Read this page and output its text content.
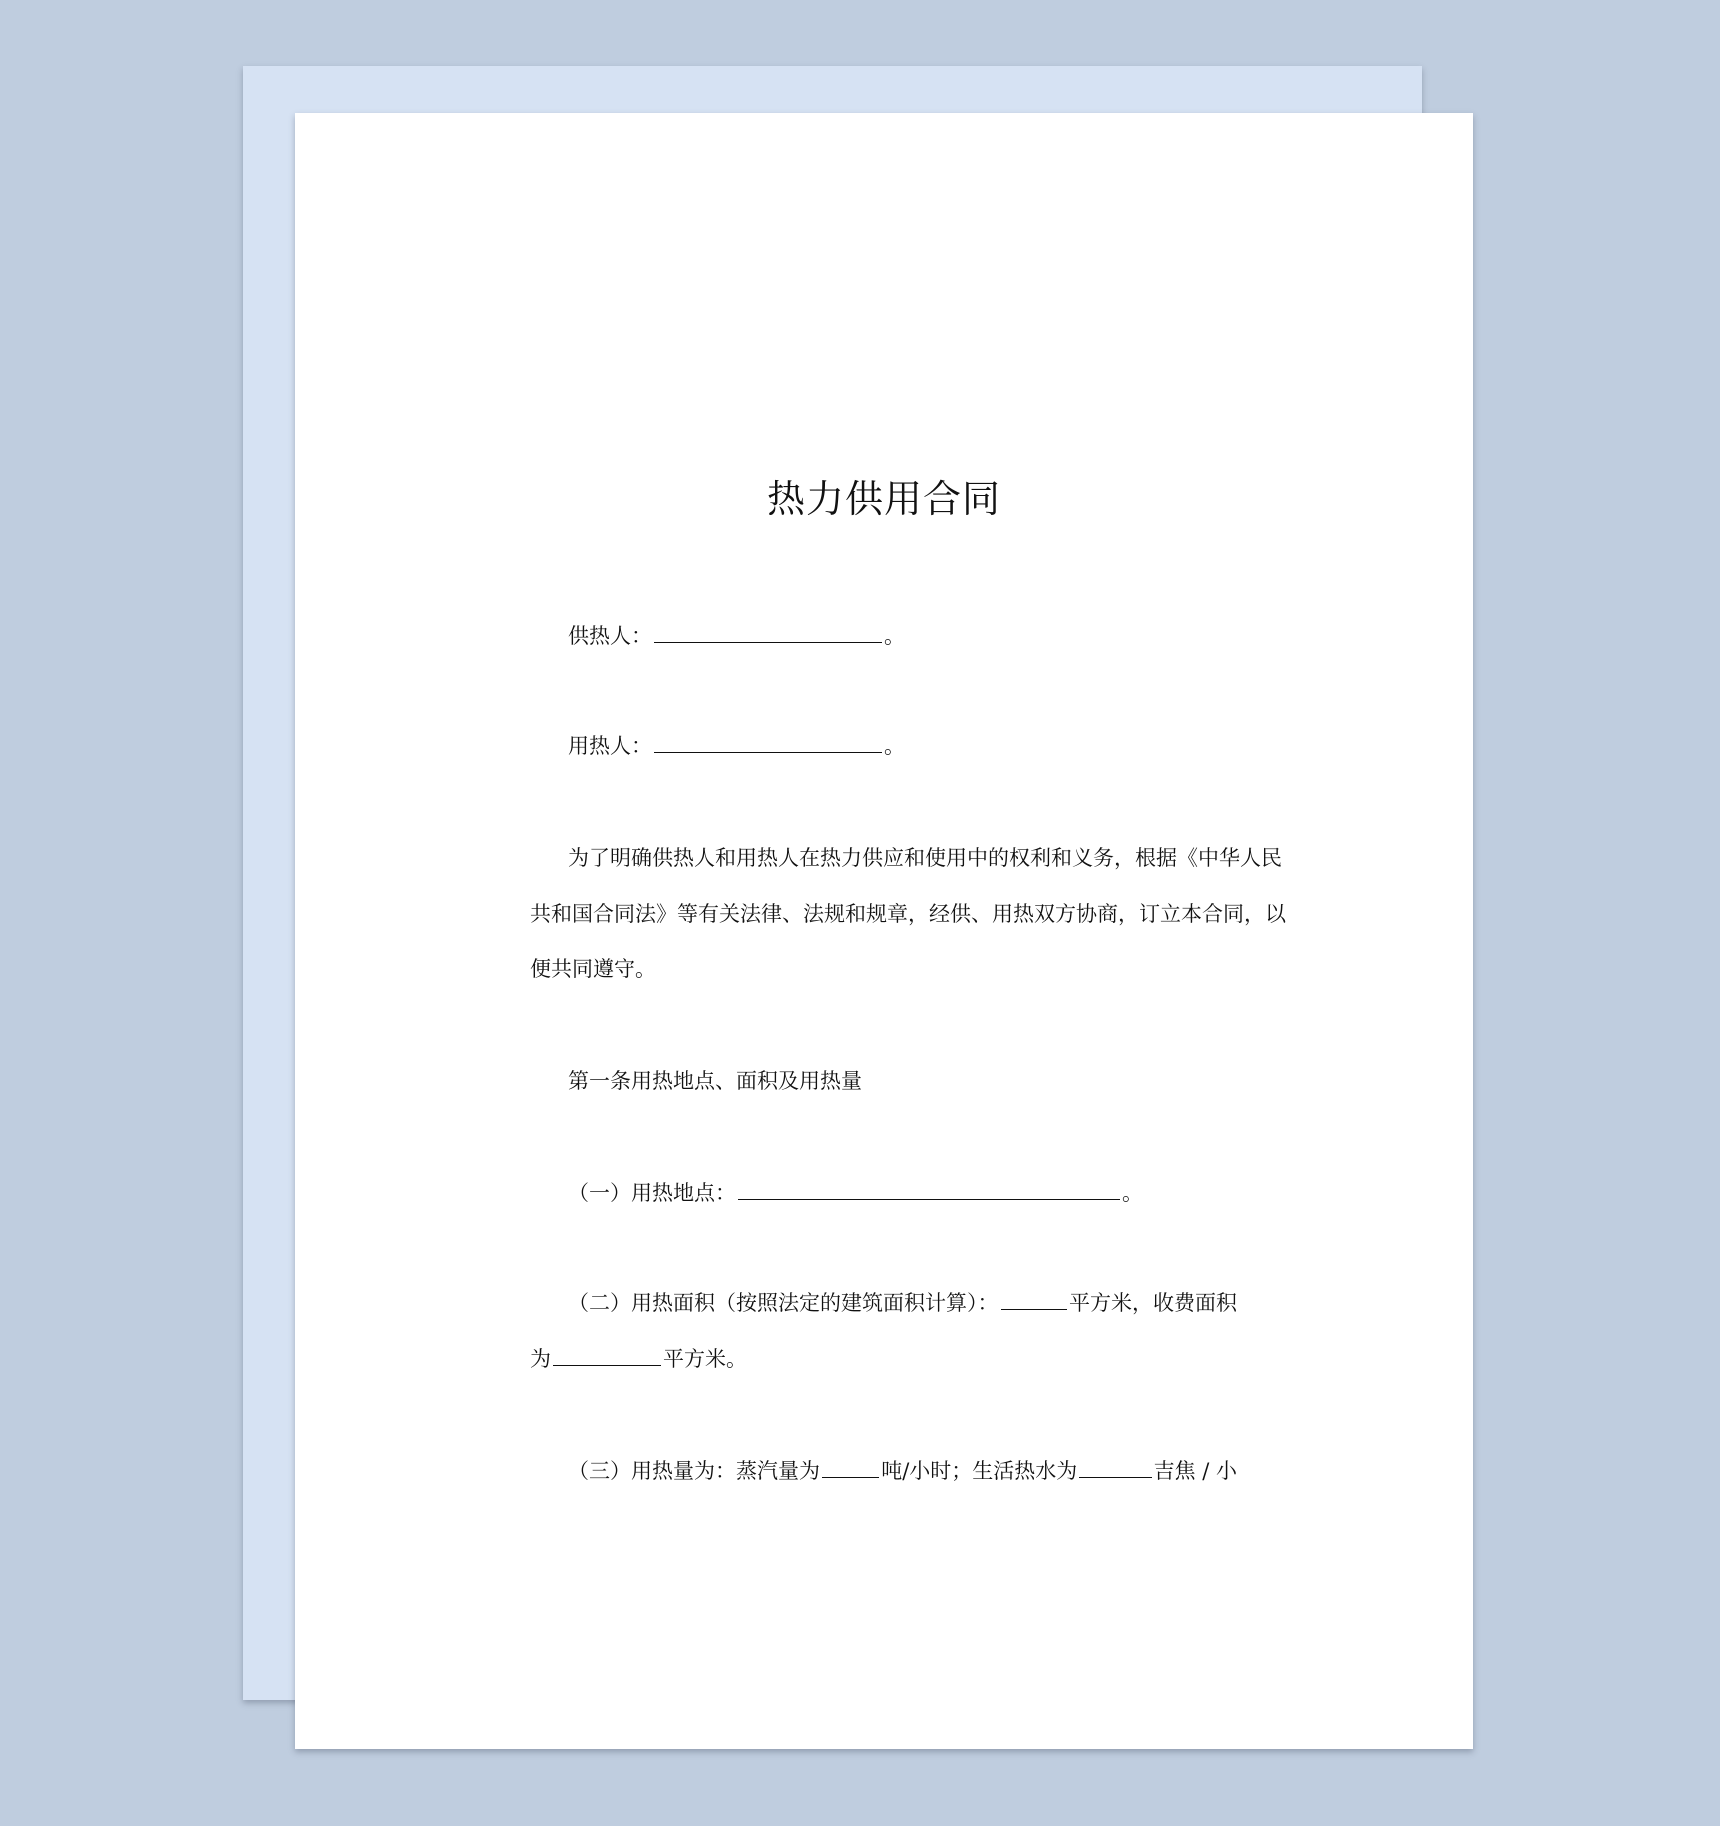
热力供用合同
供热人：	。
用热人：	。
为了明确供热人和用热人在热力供应和使用中的权利和义务，根据《中华人民
共和国合同法》等有关法律、法规和规章，经供、用热双方协商，订立本合同，以
便共同遵守。
第一条用热地点、面积及用热量
（一）用热地点：	。
（二）用热面积（按照法定的建筑面积计算）：	平方米，收费面积
为	平方米。
（三）用热量为：蒸汽量为	吨/小时；生活热水为	吉焦 / 小
